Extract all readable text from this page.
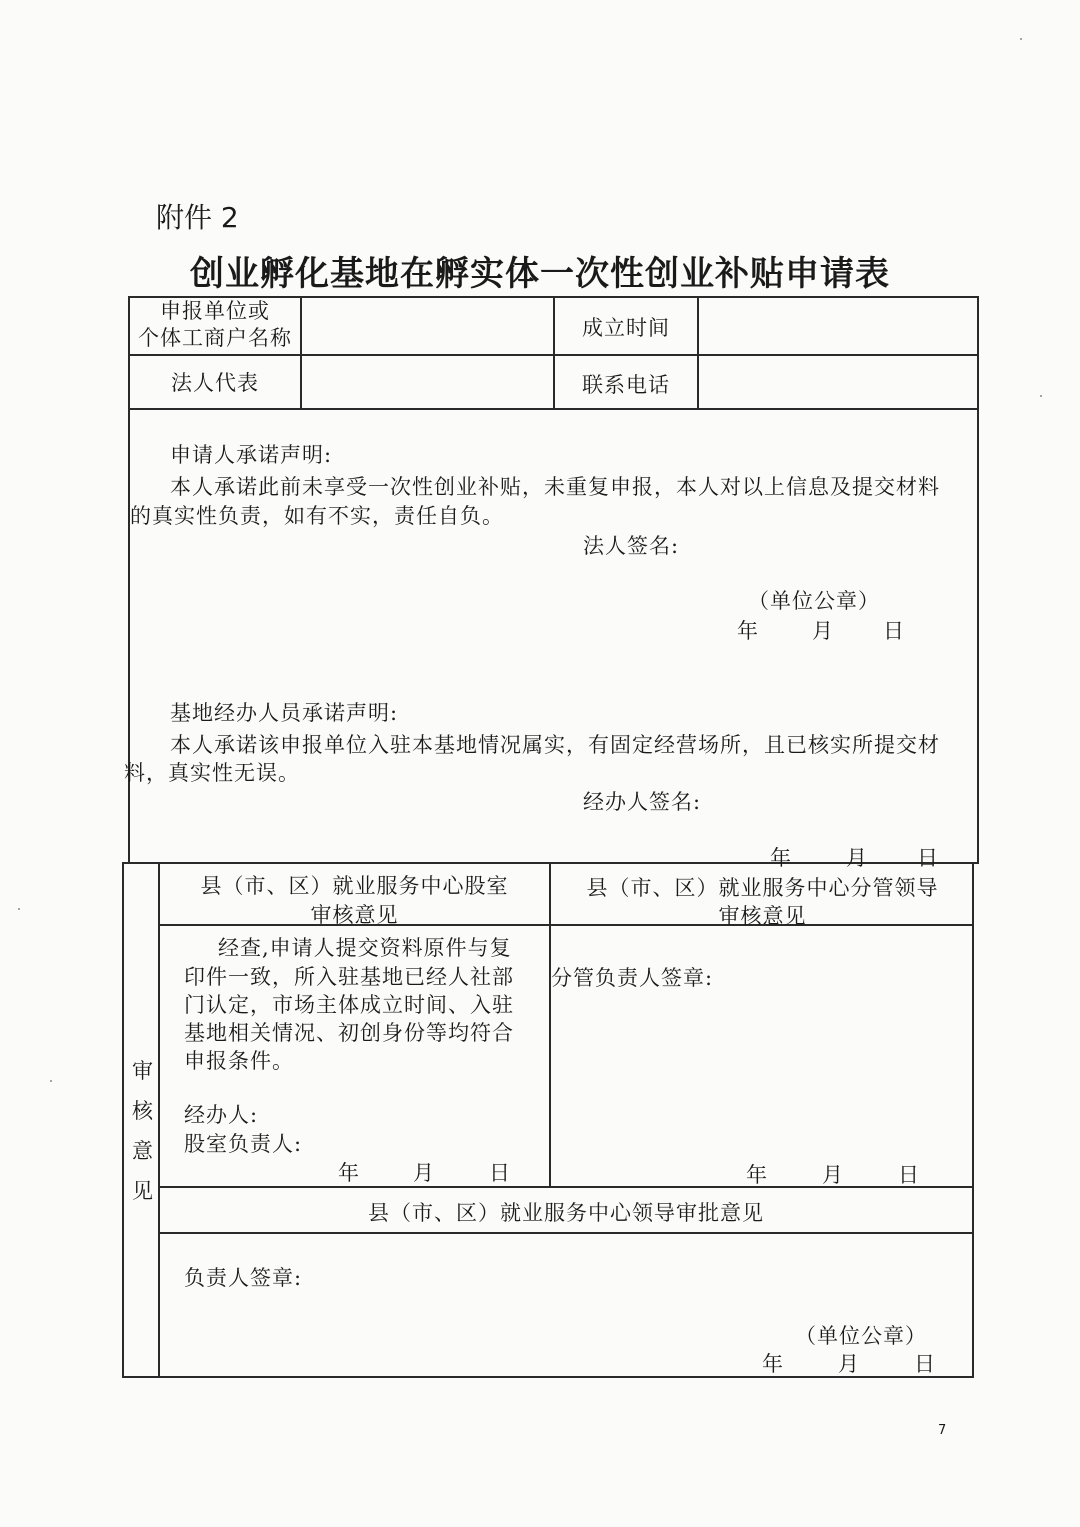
附件 2
创业孵化基地在孵实体一次性创业补贴申请表
申报单位或
个体工商户名称	成立时间
法人代表	联系电话
申请人承诺声明:
本人承诺此前未享受一次性创业补贴，未重复申报，本人对以上信息及提交材料
的真实性负责，如有不实，责任自负。
法人签名:
（单位公章）
年	月 日
基地经办人员承诺声明:
本人承诺该申报单位入驻本基地情况属实，有固定经营场所，且已核实所提交材
料，真实性无误。
经办人签名:
年	月 日
审
核
意
见
县（市、区）就业服务中心股室
审核意见
经查,申请人提交资料原件与复
印件一致，所入驻基地已经人社部
门认定，市场主体成立时间、入驻
基地相关情况、初创身份等均符合
申报条件。
经办人:
股室负责人:
年	月	日
县（市、区）就业服务中心分管领导
审核意见
分管负责人签章:
年	月	日
县（市、区）就业服务中心领导审批意见
负责人签章:
（单位公章）
年	月	日
7
